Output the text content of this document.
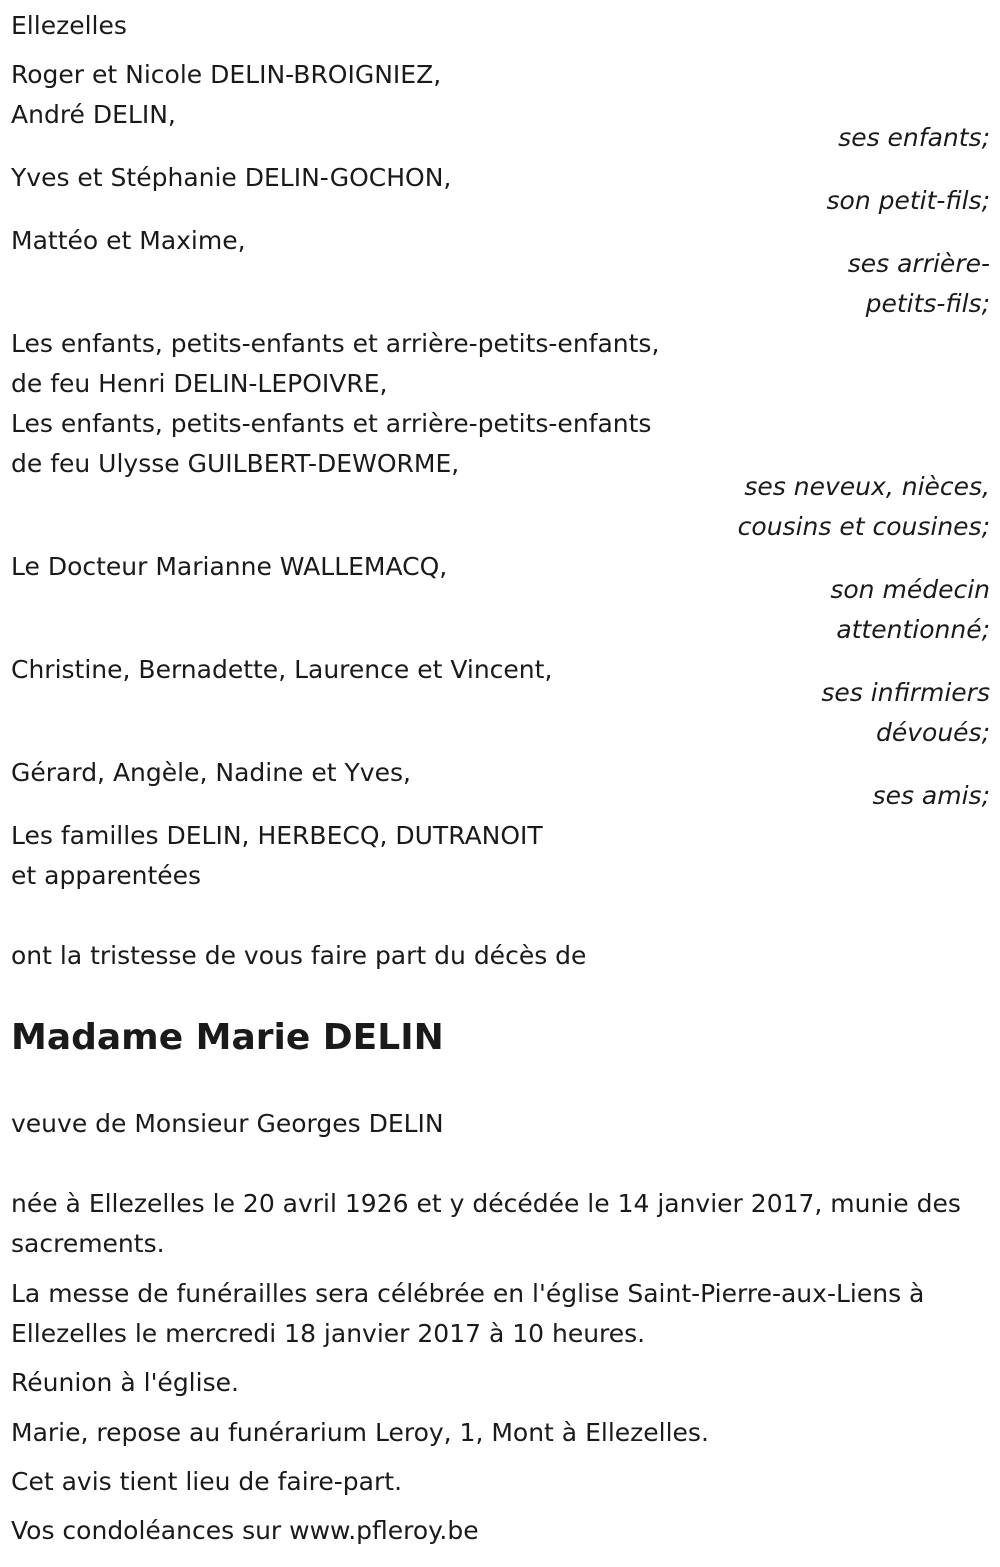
Ellezelles
Roger et Nicole DELIN-BROIGNIEZ,
André DELIN,
ses enfants;
Yves et Stéphanie DELIN-GOCHON,
son petit-fils;
Mattéo et Maxime,
ses arrière-
petits-fils;
Les enfants, petits-enfants et arrière-petits-enfants,
de feu Henri DELIN-LEPOIVRE,
Les enfants, petits-enfants et arrière-petits-enfants
de feu Ulysse GUILBERT-DEWORME,
ses neveux, nièces,
cousins et cousines;
Le Docteur Marianne WALLEMACQ,
son médecin
attentionné;
Christine, Bernadette, Laurence et Vincent,
ses infirmiers
dévoués;
Gérard, Angèle, Nadine et Yves,
ses amis;
Les familles DELIN, HERBECQ, DUTRANOIT
et apparentées
ont la tristesse de vous faire part du décès de
Madame Marie DELIN
veuve de Monsieur Georges DELIN
née à Ellezelles le 20 avril 1926 et y décédée le 14 janvier 2017, munie des
sacrements.
La messe de funérailles sera célébrée en l'église Saint-Pierre-aux-Liens à
Ellezelles le mercredi 18 janvier 2017 à 10 heures.
Réunion à l'église.
Marie, repose au funérarium Leroy, 1, Mont à Ellezelles.
Cet avis tient lieu de faire-part.
Vos condoléances sur www.pfleroy.be
